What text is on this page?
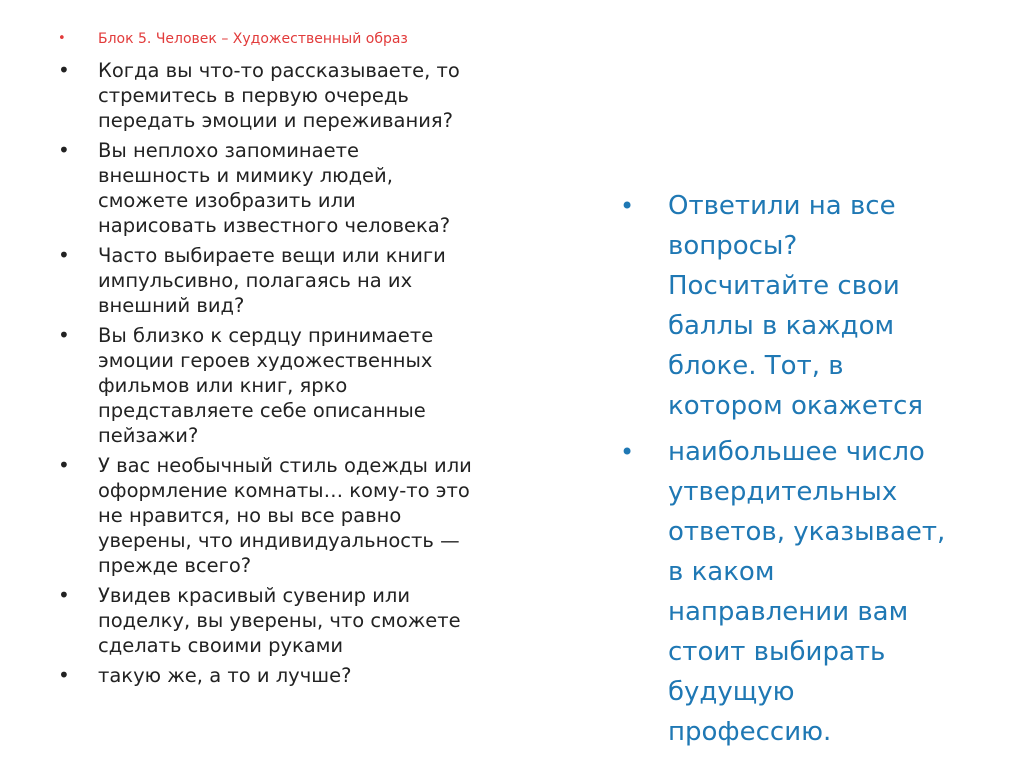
•	Блок 5. Человек – Художественный образ
•	Когда вы что-то рассказываете, то
стремитесь в первую очередь
передать эмоции и переживания?
•	Вы неплохо запоминаете
внешность и мимику людей,
сможете изобразить или
нарисовать известного человека?
•	Часто выбираете вещи или книги
импульсивно, полагаясь на их
внешний вид?
•	Вы близко к сердцу принимаете
эмоции героев художественных
фильмов или книг, ярко
представляете себе описанные
пейзажи?
•	У вас необычный стиль одежды или
оформление комнаты… кому-то это
не нравится, но вы все равно
уверены, что индивидуальность —
прежде всего?
•	Увидев красивый сувенир или
поделку, вы уверены, что сможете
сделать своими руками
•	такую же, а то и лучше?
•	Ответили на все
вопросы?
Посчитайте свои
баллы в каждом
блоке. Тот, в
котором окажется
•	наибольшее число
утвердительных
ответов, указывает,
в каком
направлении вам
стоит выбирать
будущую
профессию.
